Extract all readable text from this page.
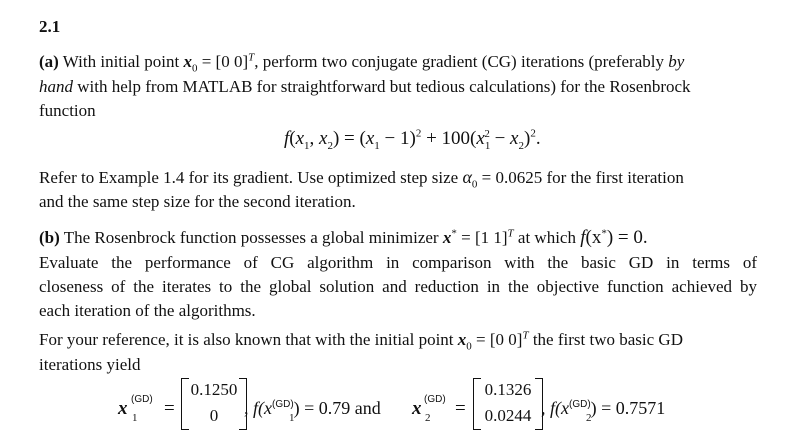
2.1
(a) With initial point $x_0 = [0$ 0]$^T$, perform two conjugate gradient (CG) iterations (preferably by
hand with help from MATLAB for straightforward but tedious calculations) for the Rosenbrock
function
$f(x_1$, $x_2) = (x_1 - 1)^2 + 100(x_1^2 - x_2)^2$.
Refer to Example 1.4 for its gradient. Use optimized step size $\alpha_0 = 0.0625$ for the first iteration
and the same step size for the second iteration.
(b) The Rosenbrock function possesses a global minimizer x* = [1 1]$^T$ at which f(x*) = 0.
Evaluate the performance of CG algorithm in comparison with the basic GD in terms of
closeness of the iterates to the global solution and reduction in the objective function achieved by
each iteration of the algorithms.
For your reference, it is also known that with the initial point $x_0 = [0$ 0]$^T$ the first two basic GD
iterations yield
x (GD)
1 =
0.1250
0	, $f(x^{(GD)}) = 0.79$ and
1	x (GD)
2 =
0.1326
0.0244 , $f(x^{(GD)}) = 0.7571$
2
